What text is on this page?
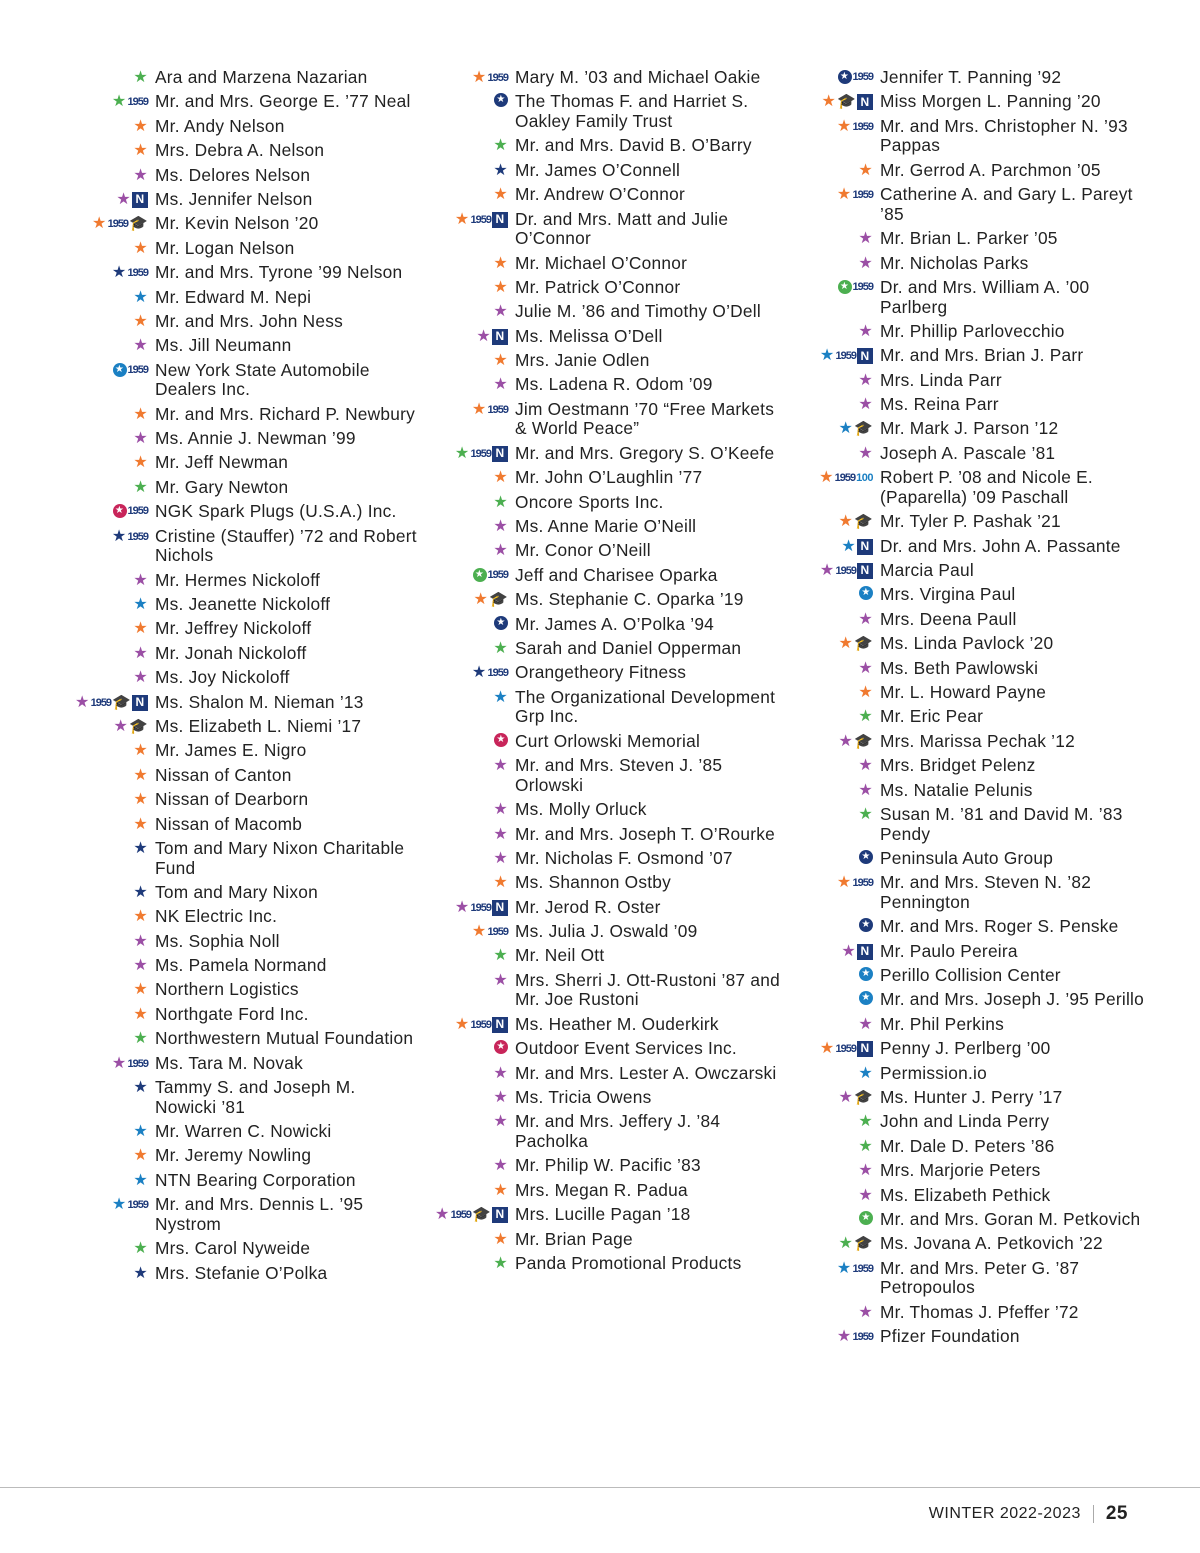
★ Ara and Marzena Nazarian
★ 1959 Mr. and Mrs. George E. ’77 Neal
★ Mr. Andy Nelson
★ Mrs. Debra A. Nelson
★ Ms. Delores Nelson
★ N Ms. Jennifer Nelson
★ 1959 🎓 Mr. Kevin Nelson ’20
★ Mr. Logan Nelson
★ 1959 Mr. and Mrs. Tyrone ’99 Nelson
★ Mr. Edward M. Nepi
★ Mr. and Mrs. John Ness
★ Ms. Jill Neumann
★ 1959 New York State Automobile Dealers Inc.
★ Mr. and Mrs. Richard P. Newbury
★ Ms. Annie J. Newman ’99
★ Mr. Jeff Newman
★ Mr. Gary Newton
★ 1959 NGK Spark Plugs (U.S.A.) Inc.
★ 1959 Cristine (Stauffer) ’72 and Robert Nichols
★ Mr. Hermes Nickoloff
★ Ms. Jeanette Nickoloff
★ Mr. Jeffrey Nickoloff
★ Mr. Jonah Nickoloff
★ Ms. Joy Nickoloff
★ 1959 🎓 N Ms. Shalon M. Nieman ’13
★ 🎓 Ms. Elizabeth L. Niemi ’17
★ Mr. James E. Nigro
★ Nissan of Canton
★ Nissan of Dearborn
★ Nissan of Macomb
★ Tom and Mary Nixon Charitable Fund
★ Tom and Mary Nixon
★ NK Electric Inc.
★ Ms. Sophia Noll
★ Ms. Pamela Normand
★ Northern Logistics
★ Northgate Ford Inc.
★ Northwestern Mutual Foundation
★ 1959 Ms. Tara M. Novak
★ Tammy S. and Joseph M. Nowicki ’81
★ Mr. Warren C. Nowicki
★ Mr. Jeremy Nowling
★ NTN Bearing Corporation
★ 1959 Mr. and Mrs. Dennis L. ’95 Nystrom
★ Mrs. Carol Nyweide
★ Mrs. Stefanie O’Polka
★ 1959 Mary M. ’03 and Michael Oakie
★ The Thomas F. and Harriet S. Oakley Family Trust
★ Mr. and Mrs. David B. O’Barry
★ Mr. James O’Connell
★ Mr. Andrew O’Connor
★ 1959 N Dr. and Mrs. Matt and Julie O’Connor
★ Mr. Michael O’Connor
★ Mr. Patrick O’Connor
★ Julie M. ’86 and Timothy O’Dell
★ N Ms. Melissa O’Dell
★ Mrs. Janie Odlen
★ Ms. Ladena R. Odom ’09
★ 1959 Jim Oestmann ’70 “Free Markets & World Peace”
★ 1959 N Mr. and Mrs. Gregory S. O’Keefe
★ Mr. John O’Laughlin ’77
★ Oncore Sports Inc.
★ Ms. Anne Marie O’Neill
★ Mr. Conor O’Neill
★ 1959 Jeff and Charisee Oparka
★ 🎓 Ms. Stephanie C. Oparka ’19
★ Mr. James A. O’Polka ’94
★ Sarah and Daniel Opperman
★ 1959 Orangetheory Fitness
★ The Organizational Development Grp Inc.
★ Curt Orlowski Memorial
★ Mr. and Mrs. Steven J. ’85 Orlowski
★ Ms. Molly Orluck
★ Mr. and Mrs. Joseph T. O’Rourke
★ Mr. Nicholas F. Osmond ’07
★ Ms. Shannon Ostby
★ 1959 N Mr. Jerod R. Oster
★ 1959 Ms. Julia J. Oswald ’09
★ Mr. Neil Ott
★ Mrs. Sherri J. Ott-Rustoni ’87 and Mr. Joe Rustoni
★ 1959 N Ms. Heather M. Ouderkirk
★ Outdoor Event Services Inc.
★ Mr. and Mrs. Lester A. Owczarski
★ Ms. Tricia Owens
★ Mr. and Mrs. Jeffery J. ’84 Pacholka
★ Mr. Philip W. Pacific ’83
★ Mrs. Megan R. Padua
★ 1959 🎓 N Mrs. Lucille Pagan ’18
★ Mr. Brian Page
★ Panda Promotional Products
★ 1959 Jennifer T. Panning ’92
★ 🎓 N Miss Morgen L. Panning ’20
★ 1959 Mr. and Mrs. Christopher N. ’93 Pappas
★ Mr. Gerrod A. Parchmon ’05
★ 1959 Catherine A. and Gary L. Pareyt ’85
★ Mr. Brian L. Parker ’05
★ Mr. Nicholas Parks
★ 1959 Dr. and Mrs. William A. ’00 Parlberg
★ Mr. Phillip Parlovecchio
★ 1959 N Mr. and Mrs. Brian J. Parr
★ Mrs. Linda Parr
★ Ms. Reina Parr
★ 🎓 Mr. Mark J. Parson ’12
★ Joseph A. Pascale ’81
★ 1959 100 Robert P. ’08 and Nicole E. (Paparella) ’09 Paschall
★ 🎓 Mr. Tyler P. Pashak ’21
★ N Dr. and Mrs. John A. Passante
★ 1959 N Marcia Paul
★ Mrs. Virgina Paul
★ Mrs. Deena Paull
★ 🎓 Ms. Linda Pavlock ’20
★ Ms. Beth Pawlowski
★ Mr. L. Howard Payne
★ Mr. Eric Pear
★ 🎓 Mrs. Marissa Pechak ’12
★ Mrs. Bridget Pelenz
★ Ms. Natalie Pelunis
★ Susan M. ’81 and David M. ’83 Pendy
★ Peninsula Auto Group
★ 1959 Mr. and Mrs. Steven N. ’82 Pennington
★ Mr. and Mrs. Roger S. Penske
★ N Mr. Paulo Pereira
★ Perillo Collision Center
★ Mr. and Mrs. Joseph J. ’95 Perillo
★ Mr. Phil Perkins
★ 1959 N Penny J. Perlberg ’00
★ Permission.io
★ 🎓 Ms. Hunter J. Perry ’17
★ John and Linda Perry
★ Mr. Dale D. Peters ’86
★ Mrs. Marjorie Peters
★ Ms. Elizabeth Pethick
★ Mr. and Mrs. Goran M. Petkovich
★ 🎓 Ms. Jovana A. Petkovich ’22
★ 1959 Mr. and Mrs. Peter G. ’87 Petropoulos
★ Mr. Thomas J. Pfeffer ’72
★ 1959 Pfizer Foundation
WINTER 2022-2023 25
